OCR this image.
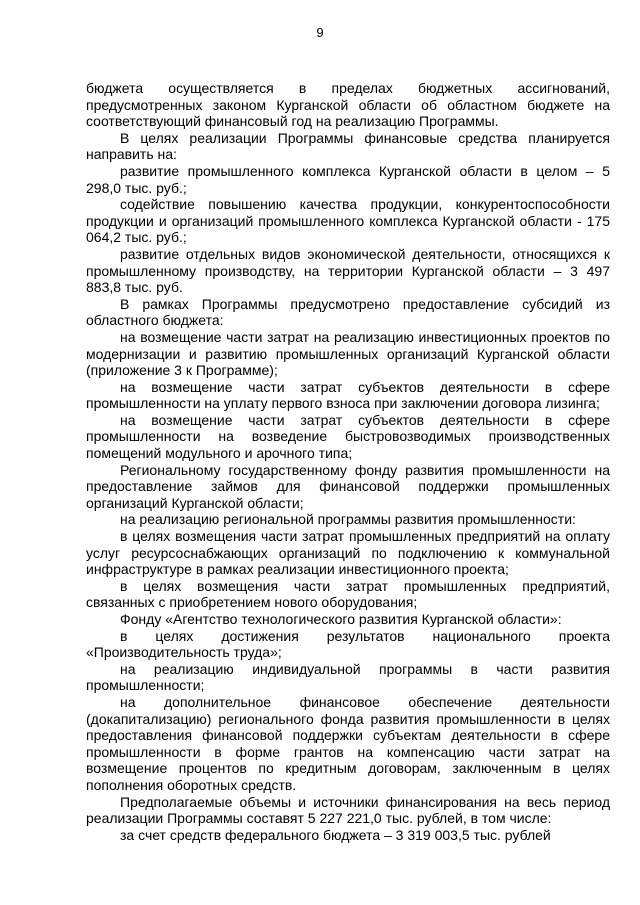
9

бюджета осуществляется в пределах бюджетных ассигнований, предусмотренных законом Курганской области об областном бюджете на соответствующий финансовый год на реализацию Программы.

В целях реализации Программы финансовые средства планируется направить на:

развитие промышленного комплекса Курганской области в целом – 5 298,0 тыс. руб.;

содействие повышению качества продукции, конкурентоспособности продукции и организаций промышленного комплекса Курганской области - 175 064,2 тыс. руб.;

развитие отдельных видов экономической деятельности, относящихся к промышленному производству, на территории Курганской области – 3 497 883,8 тыс. руб.

В рамках Программы предусмотрено предоставление субсидий из областного бюджета:

на возмещение части затрат на реализацию инвестиционных проектов по модернизации и развитию промышленных организаций Курганской области (приложение 3 к Программе);

на возмещение части затрат субъектов деятельности в сфере промышленности на уплату первого взноса при заключении договора лизинга;

на возмещение части затрат субъектов деятельности в сфере промышленности на возведение быстровозводимых производственных помещений модульного и арочного типа;

Региональному государственному фонду развития промышленности на предоставление займов для финансовой поддержки промышленных организаций Курганской области;

на реализацию региональной программы развития промышленности:

в целях возмещения части затрат промышленных предприятий на оплату услуг ресурсоснабжающих организаций по подключению к коммунальной инфраструктуре в рамках реализации инвестиционного проекта;

в целях возмещения части затрат промышленных предприятий, связанных с приобретением нового оборудования;

Фонду «Агентство технологического развития Курганской области»:

в целях достижения результатов национального проекта «Производительность труда»;

на реализацию индивидуальной программы в части развития промышленности;

на дополнительное финансовое обеспечение деятельности (докапитализацию) регионального фонда развития промышленности в целях предоставления финансовой поддержки субъектам деятельности в сфере промышленности в форме грантов на компенсацию части затрат на возмещение процентов по кредитным договорам, заключенным в целях пополнения оборотных средств.

Предполагаемые объемы и источники финансирования на весь период реализации Программы составят 5 227 221,0 тыс. рублей, в том числе:

за счет средств федерального бюджета – 3 319 003,5 тыс. рублей
